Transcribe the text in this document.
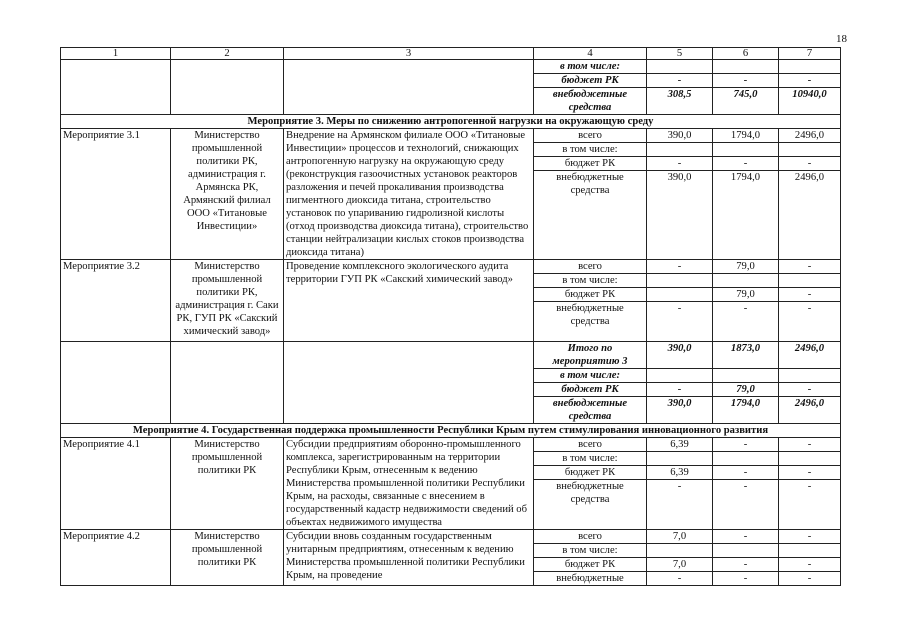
18
1	2	3	4	5	6	7
			в том числе:			
			бюджет РК	-	-	-
			внебюджетные средства	308,5	745,0	10940,0
Мероприятие 3. Меры по снижению антропогенной нагрузки на окружающую среду						
Мероприятие 3.1	Министерство промышленной политики РК, администрация г. Армянска РК, Армянский филиал ООО «Титановые Инвестиции»	Внедрение на Армянском филиале ООО «Титановые Инвестиции» процессов и технологий, снижающих антропогенную нагрузку на окружающую среду (реконструкция газоочистных установок реакторов разложения и печей прокаливания производства пигментного диоксида титана, строительство установок по упариванию гидролизной кислоты (отход производства диоксида титана), строительство станции нейтрализации кислых стоков производства диоксида титана)	всего	390,0	1794,0	2496,0
			в том числе:			
			бюджет РК	-	-	-
			внебюджетные средства	390,0	1794,0	2496,0
Мероприятие 3.2	Министерство промышленной политики РК, администрация г. Саки РК, ГУП РК «Сакский химический завод»	Проведение комплексного экологического аудита территории ГУП РК «Сакский химический завод»	всего	-	79,0	-
			в том числе:			
			бюджет РК		79,0	-
			внебюджетные средства	-	-	-
			Итого по мероприятию 3	390,0	1873,0	2496,0
			в том числе:			
			бюджет РК	-	79,0	-
			внебюджетные средства	390,0	1794,0	2496,0
Мероприятие 4. Государственная поддержка промышленности Республики Крым путем стимулирования инновационного развития						
Мероприятие 4.1	Министерство промышленной политики РК	Субсидии предприятиям оборонно-промышленного комплекса, зарегистрированным на территории Республики Крым, отнесенным к ведению Министерства промышленной политики Республики Крым, на расходы, связанные с внесением в государственный кадастр недвижимости сведений об объектах недвижимого имущества	всего	6,39	-	-
			в том числе:			
			бюджет РК	6,39	-	-
			внебюджетные средства	-	-	-
Мероприятие 4.2	Министерство промышленной политики РК	Субсидии вновь созданным государственным унитарным предприятиям, отнесенным к ведению Министерства промышленной политики Республики Крым, на проведение	всего	7,0	-	-
			в том числе:			
			бюджет РК	7,0	-	-
			внебюджетные	-	-	-
